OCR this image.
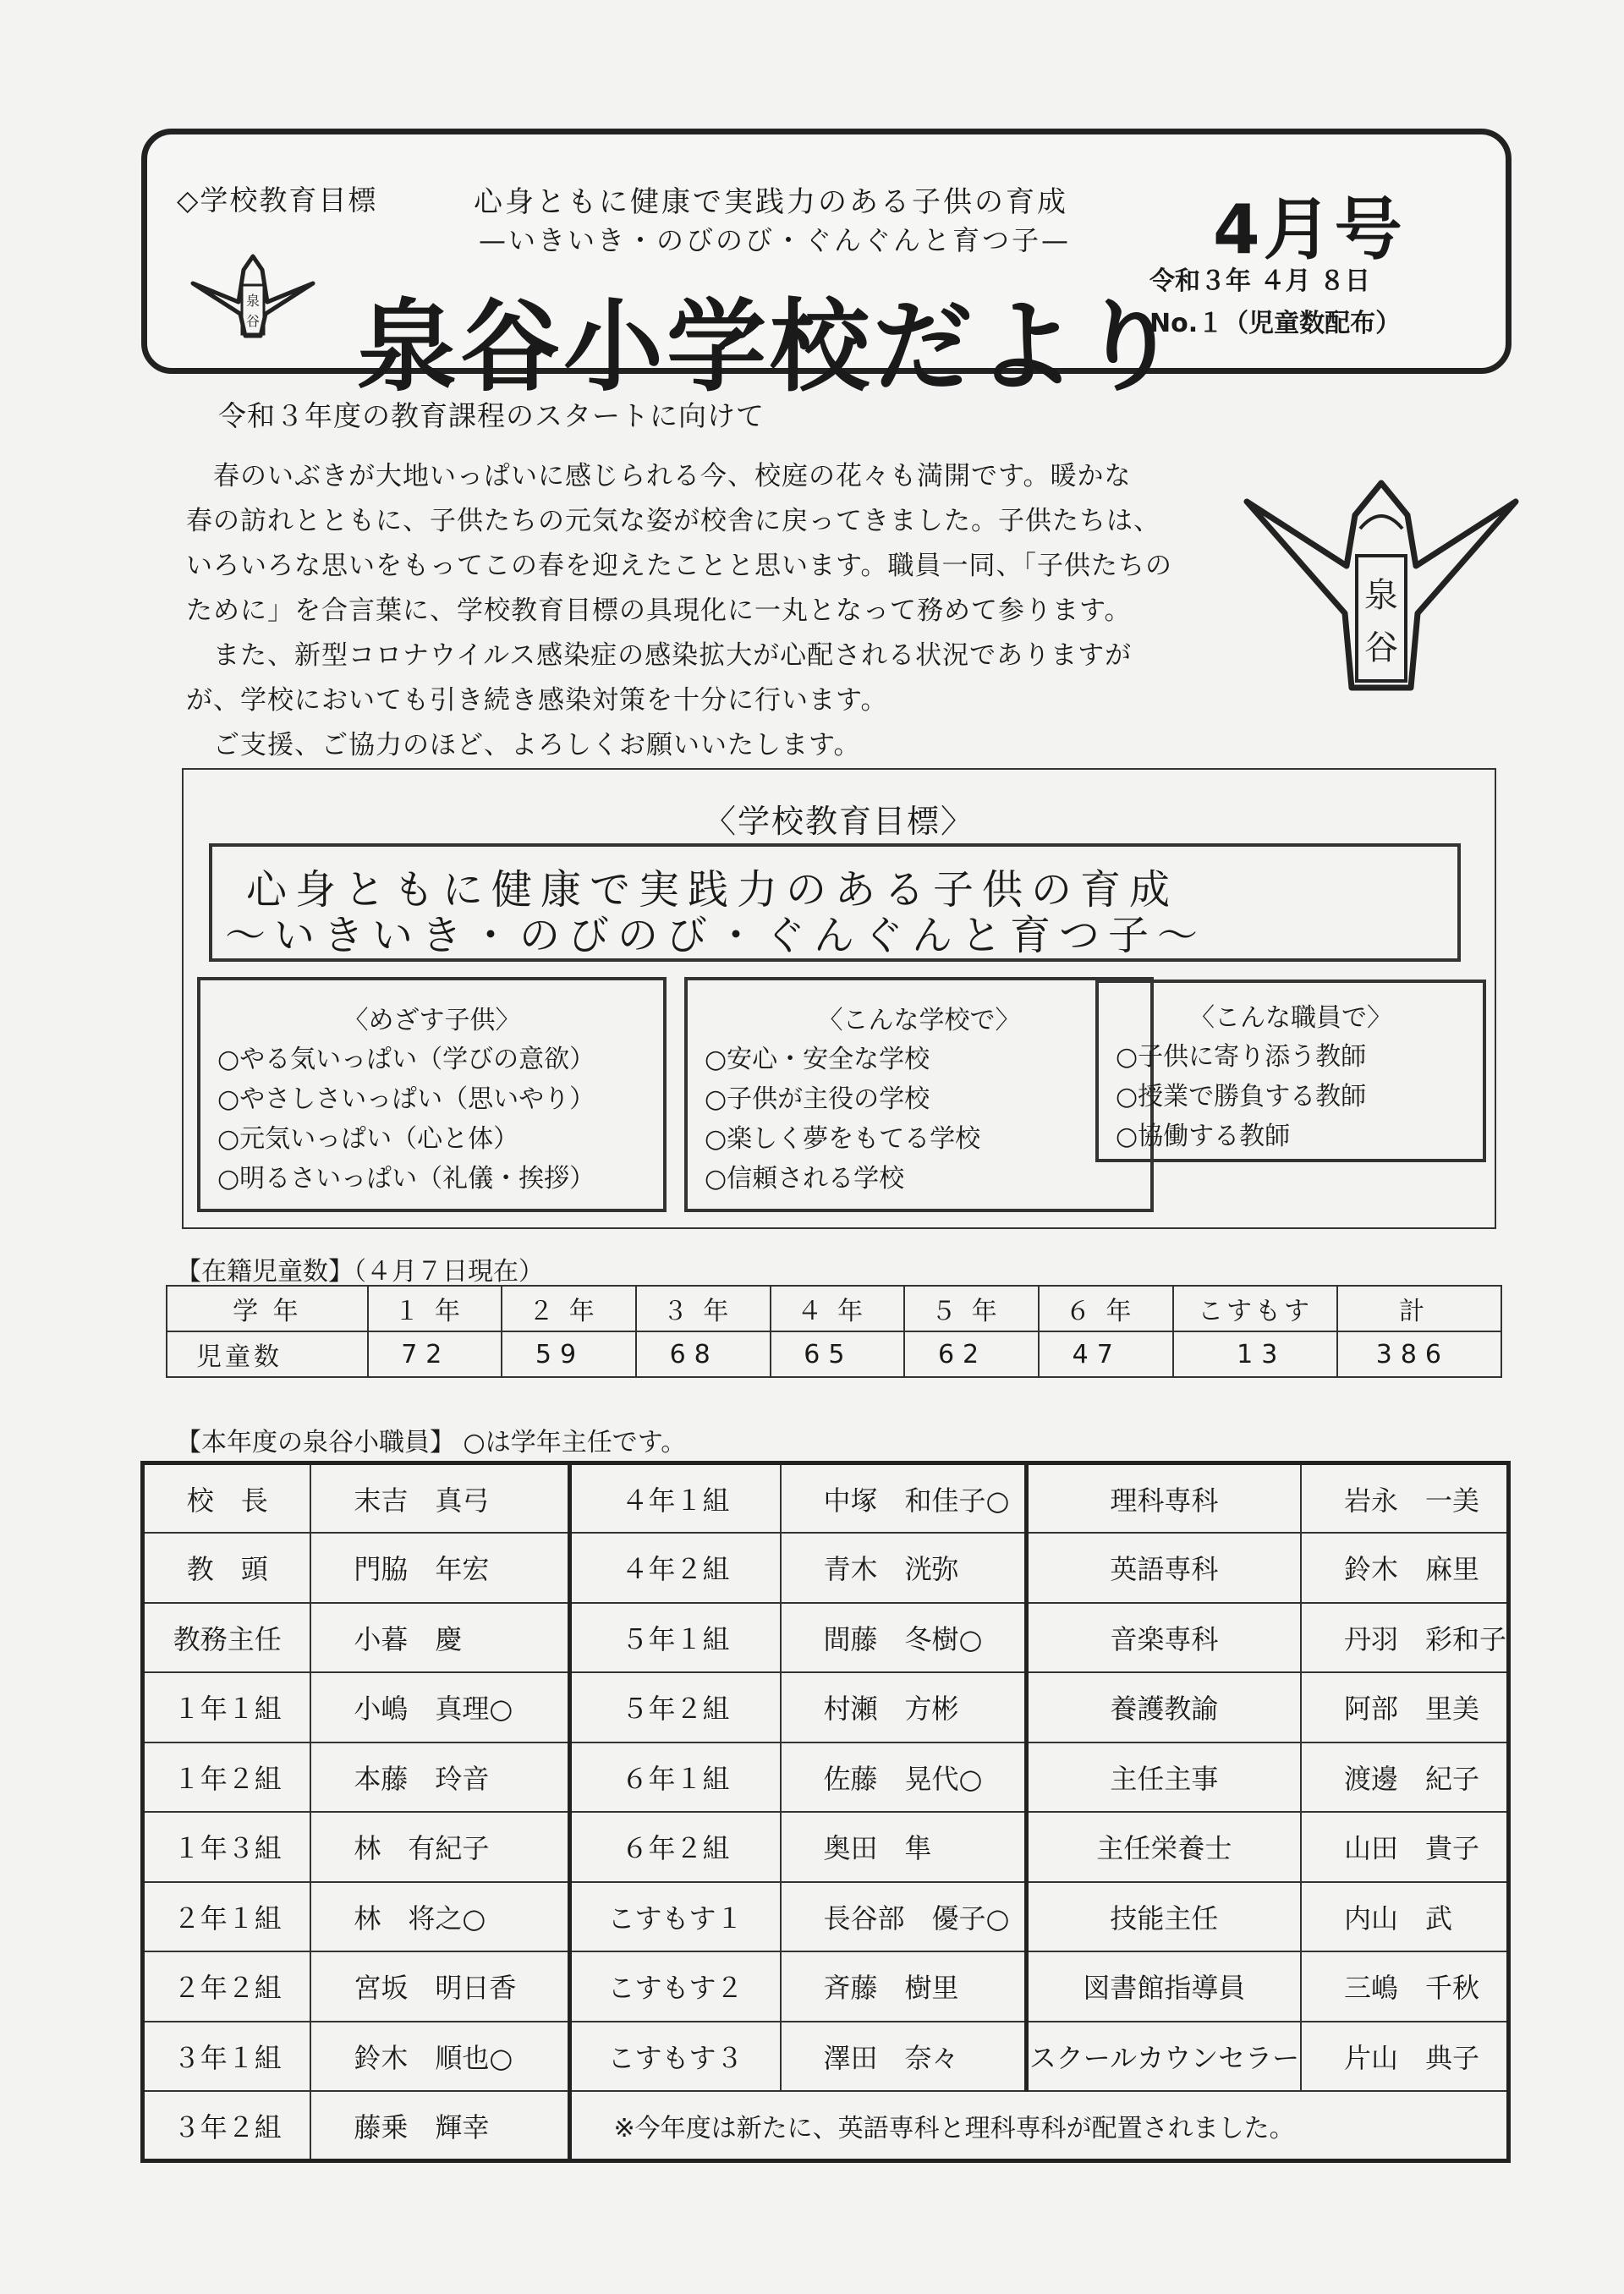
◇学校教育目標	心身ともに健康で実践力のある子供の育成
—いきいき・のびのび・ぐんぐんと育つ子— 4月号
令和３年 ４月 ８日
No.１（児童数配布）
泉
谷 泉谷小学校だより
令和３年度の教育課程のスタートに向けて

　春のいぶきが大地いっぱいに感じられる今、校庭の花々も満開です。暖かな

春の訪れとともに、子供たちの元気な姿が校舎に戻ってきました。子供たちは、

いろいろな思いをもってこの春を迎えたことと思います。職員一同、「子供たちの

ために」を合言葉に、学校教育目標の具現化に一丸となって務めて参ります。

　また、新型コロナウイルス感染症の感染拡大が心配される状況でありますが

が、学校においても引き続き感染対策を十分に行います。

　ご支援、ご協力のほど、よろしくお願いいたします。

泉
谷
〈学校教育目標〉
心身ともに健康で実践力のある子供の育成
〜いきいき・のびのび・ぐんぐんと育つ子〜
〈めざす子供〉
○やる気いっぱい（学びの意欲）
○やさしさいっぱい（思いやり）
○元気いっぱい（心と体）
○明るさいっぱい（礼儀・挨拶）
〈こんな学校で〉
○安心・安全な学校
○子供が主役の学校
○楽しく夢をもてる学校
○信頼される学校
〈こんな職員で〉
○子供に寄り添う教師
○授業で勝負する教師
○協働する教師
【在籍児童数】（４月７日現在）
学 年	１年	２年	３年	４年	５年	６年	こすもす	計
児童数	72	59	68	65	62	47	13	386
【本年度の泉谷小職員】 ○は学年主任です。
校　長	末吉　真弓	４年１組	中塚　和佳子○	理科専科	岩永　一美
教　頭	門脇　年宏	４年２組	青木　洸弥	英語専科	鈴木　麻里
教務主任	小暮　慶	５年１組	間藤　冬樹○	音楽専科	丹羽　彩和子
１年１組	小嶋　真理○	５年２組	村瀬　方彬	養護教諭	阿部　里美
１年２組	本藤　玲音	６年１組	佐藤　晃代○	主任主事	渡邊　紀子
１年３組	林　有紀子	６年２組	奥田　隼	主任栄養士	山田　貴子
２年１組	林　将之○	こすもす１	長谷部　優子○	技能主任	内山　武
２年２組	宮坂　明日香	こすもす２	斉藤　樹里	図書館指導員	三嶋　千秋
３年１組	鈴木　順也○	こすもす３	澤田　奈々	スクールカウンセラー	片山　典子
３年２組	藤乗　輝幸	※今年度は新たに、英語専科と理科専科が配置されました。			
